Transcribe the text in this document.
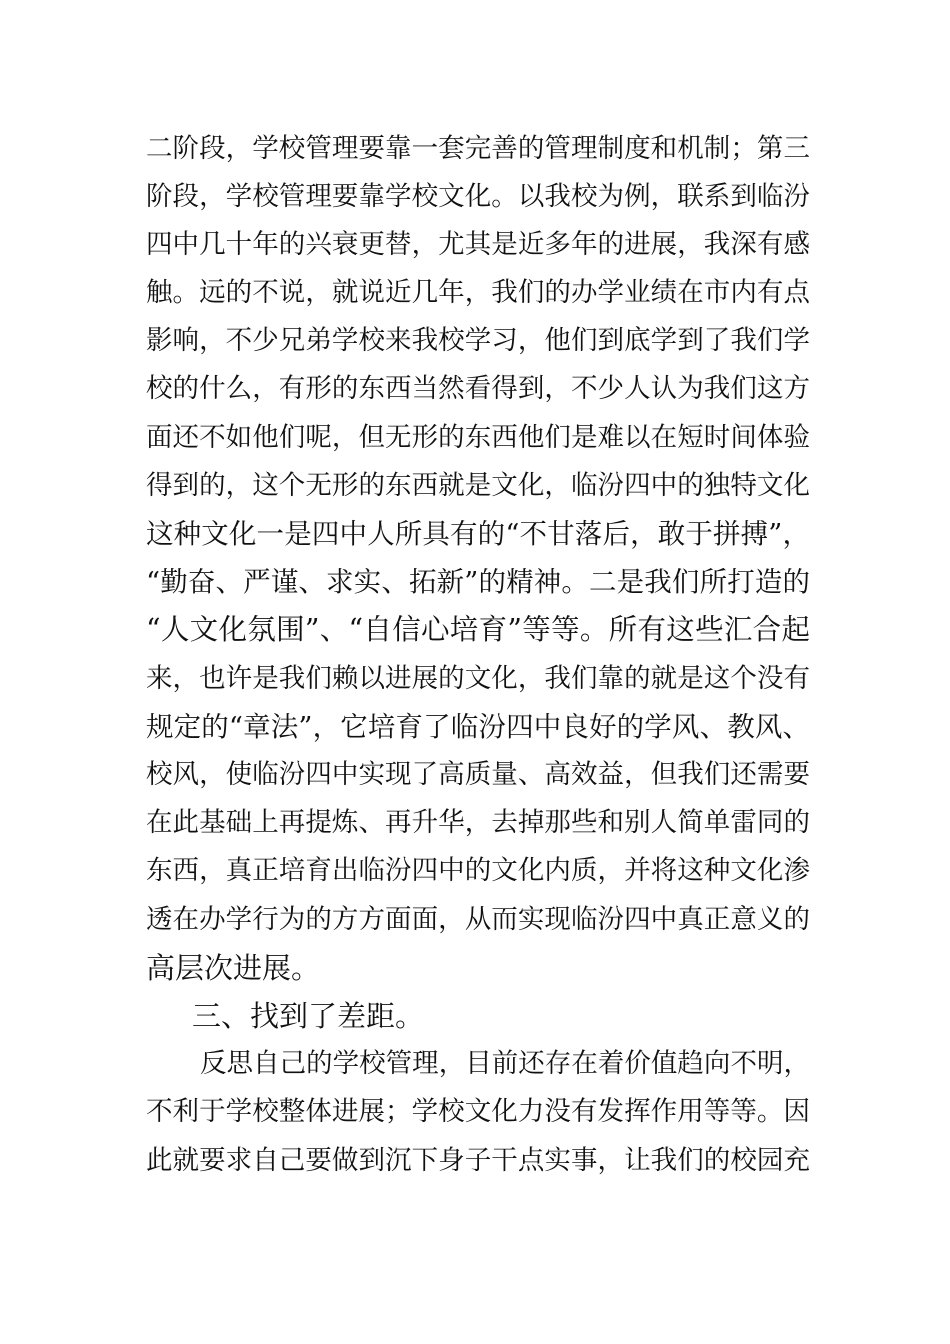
二阶段，学校管理要靠一套完善的管理制度和机制；第三
阶段，学校管理要靠学校文化。以我校为例，联系到临汾
四中几十年的兴衰更替，尤其是近多年的进展，我深有感
触。远的不说，就说近几年，我们的办学业绩在市内有点
影响，不少兄弟学校来我校学习，他们到底学到了我们学
校的什么，有形的东西当然看得到，不少人认为我们这方
面还不如他们呢，但无形的东西他们是难以在短时间体验
得到的，这个无形的东西就是文化，临汾四中的独特文化
这种文化一是四中人所具有的“不甘落后，敢于拼搏”，
“勤奋、严谨、求实、拓新”的精神。二是我们所打造的
“人文化氛围”、“自信心培育”等等。所有这些汇合起
来，也许是我们赖以进展的文化，我们靠的就是这个没有
规定的“章法”，它培育了临汾四中良好的学风、教风、
校风，使临汾四中实现了高质量、高效益，但我们还需要
在此基础上再提炼、再升华，去掉那些和别人简单雷同的
东西，真正培育出临汾四中的文化内质，并将这种文化渗
透在办学行为的方方面面，从而实现临汾四中真正意义的
高层次进展。
三、找到了差距。
反思自己的学校管理，目前还存在着价值趋向不明，
不利于学校整体进展；学校文化力没有发挥作用等等。因
此就要求自己要做到沉下身子干点实事，让我们的校园充
